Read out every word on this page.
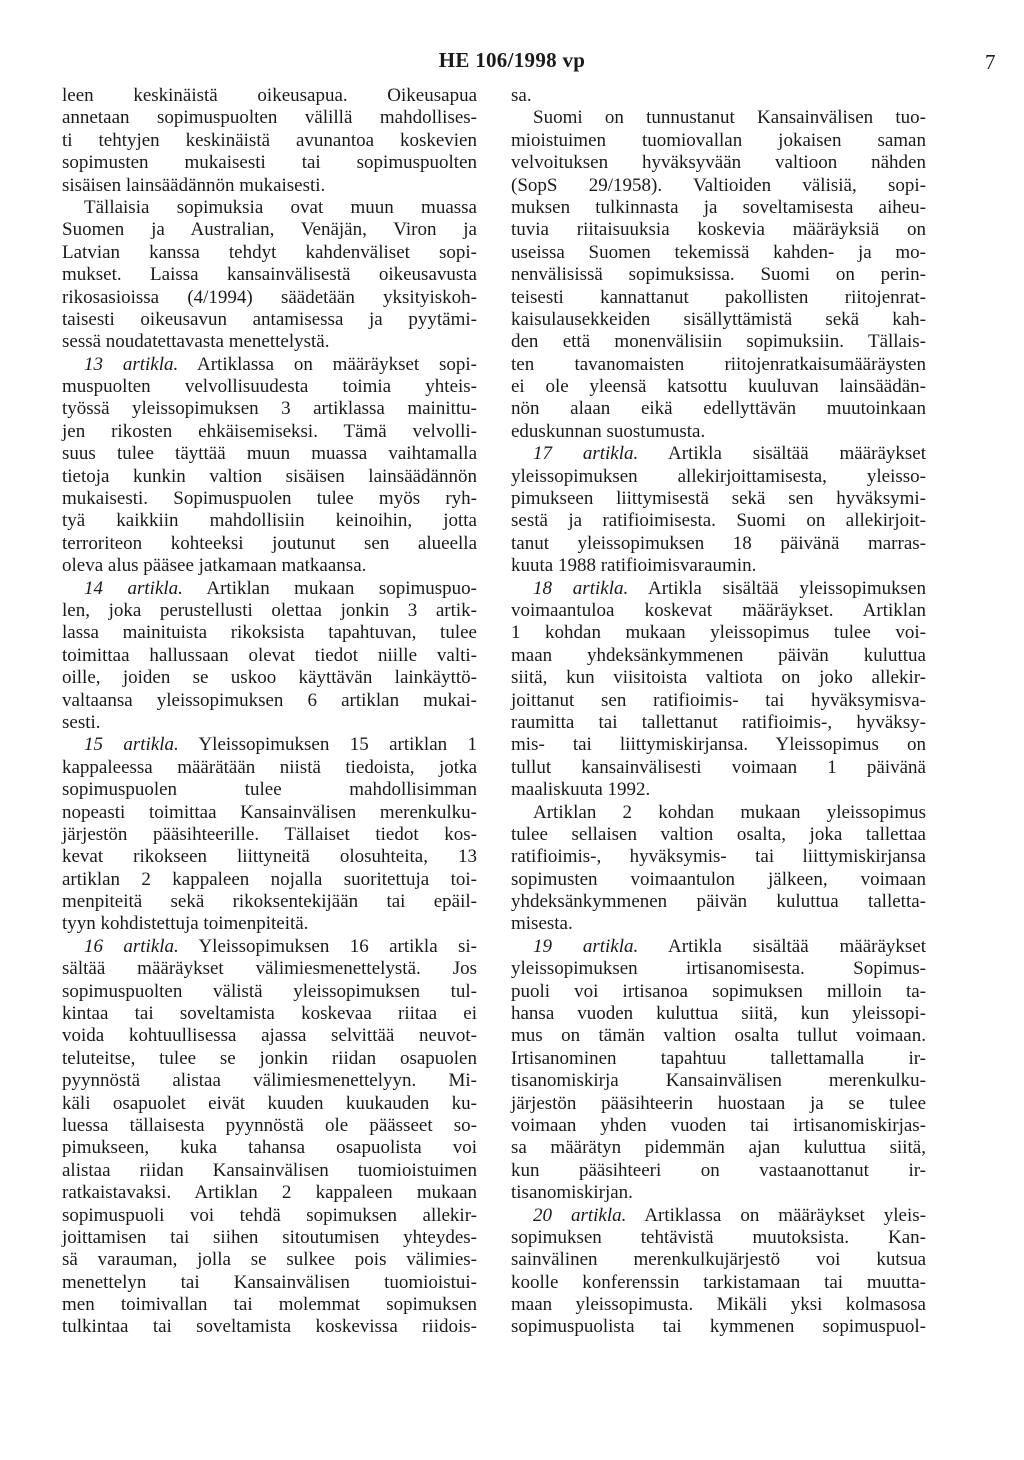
HE 106/1998 vp	7
leen keskinäistä oikeusapua. Oikeusapua
annetaan sopimuspuolten välillä mahdollises-
ti tehtyjen keskinäistä avunantoa koskevien
sopimusten mukaisesti tai sopimuspuolten
sisäisen lainsäädännön mukaisesti.
Tällaisia sopimuksia ovat muun muassa
Suomen ja Australian, Venäjän, Viron ja
Latvian kanssa tehdyt kahdenväliset sopi-
mukset. Laissa kansainvälisestä oikeusavusta
rikosasioissa (4/1994) säädetään yksityiskoh-
taisesti oikeusavun antamisessa ja pyytämi-
sessä noudatettavasta menettelystä.
13 artikla. Artiklassa on määräykset sopi-
muspuolten velvollisuudesta toimia yhteis-
työssä yleissopimuksen 3 artiklassa mainittu-
jen rikosten ehkäisemiseksi. Tämä velvolli-
suus tulee täyttää muun muassa vaihtamalla
tietoja kunkin valtion sisäisen lainsäädännön
mukaisesti. Sopimuspuolen tulee myös ryh-
tyä kaikkiin mahdollisiin keinoihin, jotta
terroriteon kohteeksi joutunut sen alueella
oleva alus pääsee jatkamaan matkaansa.
14 artikla. Artiklan mukaan sopimuspuo-
len, joka perustellusti olettaa jonkin 3 artik-
lassa mainituista rikoksista tapahtuvan, tulee
toimittaa hallussaan olevat tiedot niille valti-
oille, joiden se uskoo käyttävän lainkäyttö-
valtaansa yleissopimuksen 6 artiklan mukai-
sesti.
15 artikla. Yleissopimuksen 15 artiklan 1
kappaleessa määrätään niistä tiedoista, jotka
sopimuspuolen tulee mahdollisimman
nopeasti toimittaa Kansainvälisen merenkulku-
järjestön pääsihteerille. Tällaiset tiedot kos-
kevat rikokseen liittyneitä olosuhteita, 13
artiklan 2 kappaleen nojalla suoritettuja toi-
menpiteitä sekä rikoksentekijään tai epäil-
tyyn kohdistettuja toimenpiteitä.
16 artikla. Yleissopimuksen 16 artikla si-
sältää määräykset välimiesmenettelystä. Jos
sopimuspuolten välistä yleissopimuksen tul-
kintaa tai soveltamista koskevaa riitaa ei
voida kohtuullisessa ajassa selvittää neuvot-
teluteitse, tulee se jonkin riidan osapuolen
pyynnöstä alistaa välimiesmenettelyyn. Mi-
käli osapuolet eivät kuuden kuukauden ku-
luessa tällaisesta pyynnöstä ole päässeet so-
pimukseen, kuka tahansa osapuolista voi
alistaa riidan Kansainvälisen tuomioistuimen
ratkaistavaksi. Artiklan 2 kappaleen mukaan
sopimuspuoli voi tehdä sopimuksen allekir-
joittamisen tai siihen sitoutumisen yhteydes-
sä varauman, jolla se sulkee pois välimies-
menettelyn tai Kansainvälisen tuomioistui-
men toimivallan tai molemmat sopimuksen
tulkintaa tai soveltamista koskevissa riidois-
sa.
Suomi on tunnustanut Kansainvälisen tuo-
mioistuimen tuomiovallan jokaisen saman
velvoituksen hyväksyvään valtioon nähden
(SopS 29/1958). Valtioiden välisiä, sopi-
muksen tulkinnasta ja soveltamisesta aiheu-
tuvia riitaisuuksia koskevia määräyksiä on
useissa Suomen tekemissä kahden- ja mo-
nenvälisissä sopimuksissa. Suomi on perin-
teisesti kannattanut pakollisten riitojenrat-
kaisulausekkeiden sisällyttämistä sekä kah-
den että monenvälisiin sopimuksiin. Tällais-
ten tavanomaisten riitojenratkaisumääräysten
ei ole yleensä katsottu kuuluvan lainsäädän-
nön alaan eikä edellyttävän muutoinkaan
eduskunnan suostumusta.
17 artikla. Artikla sisältää määräykset
yleissopimuksen allekirjoittamisesta, yleisso-
pimukseen liittymisestä sekä sen hyväksymi-
sestä ja ratifioimisesta. Suomi on allekirjoit-
tanut yleissopimuksen 18 päivänä marras-
kuuta 1988 ratifioimisvaraumin.
18 artikla. Artikla sisältää yleissopimuksen
voimaantuloa koskevat määräykset. Artiklan
1 kohdan mukaan yleissopimus tulee voi-
maan yhdeksänkymmenen päivän kuluttua
siitä, kun viisitoista valtiota on joko allekir-
joittanut sen ratifioimis- tai hyväksymisva-
raumitta tai tallettanut ratifioimis-, hyväksy-
mis- tai liittymiskirjansa. Yleissopimus on
tullut kansainvälisesti voimaan 1 päivänä
maaliskuuta 1992.
Artiklan 2 kohdan mukaan yleissopimus
tulee sellaisen valtion osalta, joka tallettaa
ratifioimis-, hyväksymis- tai liittymiskirjansa
sopimusten voimaantulon jälkeen, voimaan
yhdeksänkymmenen päivän kuluttua talletta-
misesta.
19 artikla. Artikla sisältää määräykset
yleissopimuksen irtisanomisesta. Sopimus-
puoli voi irtisanoa sopimuksen milloin ta-
hansa vuoden kuluttua siitä, kun yleissopi-
mus on tämän valtion osalta tullut voimaan.
Irtisanominen tapahtuu tallettamalla ir-
tisanomiskirja Kansainvälisen merenkulku-
järjestön pääsihteerin huostaan ja se tulee
voimaan yhden vuoden tai irtisanomiskirjas-
sa määrätyn pidemmän ajan kuluttua siitä,
kun pääsihteeri on vastaanottanut ir-
tisanomiskirjan.
20 artikla. Artiklassa on määräykset yleis-
sopimuksen tehtävistä muutoksista. Kan-
sainvälinen merenkulkujärjestö voi kutsua
koolle konferenssin tarkistamaan tai muutta-
maan yleissopimusta. Mikäli yksi kolmasosa
sopimuspuolista tai kymmenen sopimuspuol-
